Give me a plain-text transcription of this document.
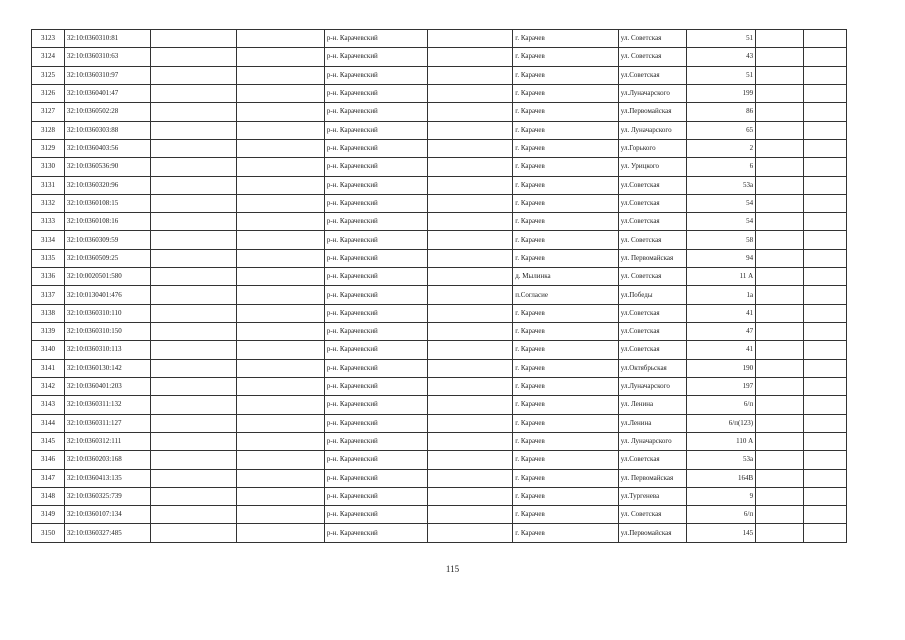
3123	32:10:0360310:81			р-н. Карачевский		г. Карачев	ул. Советская	51		
3124	32:10:0360310:63			р-н. Карачевский		г. Карачев	ул. Советская	43		
3125	32:10:0360310:97			р-н. Карачевский		г. Карачев	ул.Советская	51		
3126	32:10:0360401:47			р-н. Карачевский		г. Карачев	ул.Луначарского	199		
3127	32:10:0360502:28			р-н. Карачевский		г. Карачев	ул.Первомайская	86		
3128	32:10:0360303:88			р-н. Карачевский		г. Карачев	ул. Луначарского	65		
3129	32:10:0360403:56			р-н. Карачевский		г. Карачев	ул.Горького	2		
3130	32:10:0360536:90			р-н. Карачевский		г. Карачев	ул. Урицкого	6		
3131	32:10:0360320:96			р-н. Карачевский		г. Карачев	ул.Советская	53а		
3132	32:10:0360108:15			р-н. Карачевский		г. Карачев	ул.Советская	54		
3133	32:10:0360108:16			р-н. Карачевский		г. Карачев	ул.Советская	54		
3134	32:10:0360309:59			р-н. Карачевский		г. Карачев	ул. Советская	58		
3135	32:10:0360509:25			р-н. Карачевский		г. Карачев	ул. Первомайская	94		
3136	32:10:0020501:580			р-н. Карачевский		д. Мылинка	ул. Советская	11 А		
3137	32:10:0130401:476			р-н. Карачевский		п.Согласие	ул.Победы	1а		
3138	32:10:0360310:110			р-н. Карачевский		г. Карачев	ул.Советская	41		
3139	32:10:0360310:150			р-н. Карачевский		г. Карачев	ул.Советская	47		
3140	32:10:0360310:113			р-н. Карачевский		г. Карачев	ул.Советская	41		
3141	32:10:0360130:142			р-н. Карачевский		г. Карачев	ул.Октябрьская	190		
3142	32:10:0360401:203			р-н. Карачевский		г. Карачев	ул.Луначарского	197		
3143	32:10:0360311:132			р-н. Карачевский		г. Карачев	ул. Ленина	6/п		
3144	32:10:0360311:127			р-н. Карачевский		г. Карачев	ул.Ленина	6/п(123)		
3145	32:10:0360312:111			р-н. Карачевский		г. Карачев	ул. Луначарского	110 А		
3146	32:10:0360203:168			р-н. Карачевский		г. Карачев	ул.Советская	53а		
3147	32:10:0360413:135			р-н. Карачевский		г. Карачев	ул. Первомайская	164В		
3148	32:10:0360325:739			р-н. Карачевский		г. Карачев	ул.Тургенева	9		
3149	32:10:0360107:134			р-н. Карачевский		г. Карачев	ул. Советская	6/п		
3150	32:10:0360327:485			р-н. Карачевский		г. Карачев	ул.Первомайская	145		
115
